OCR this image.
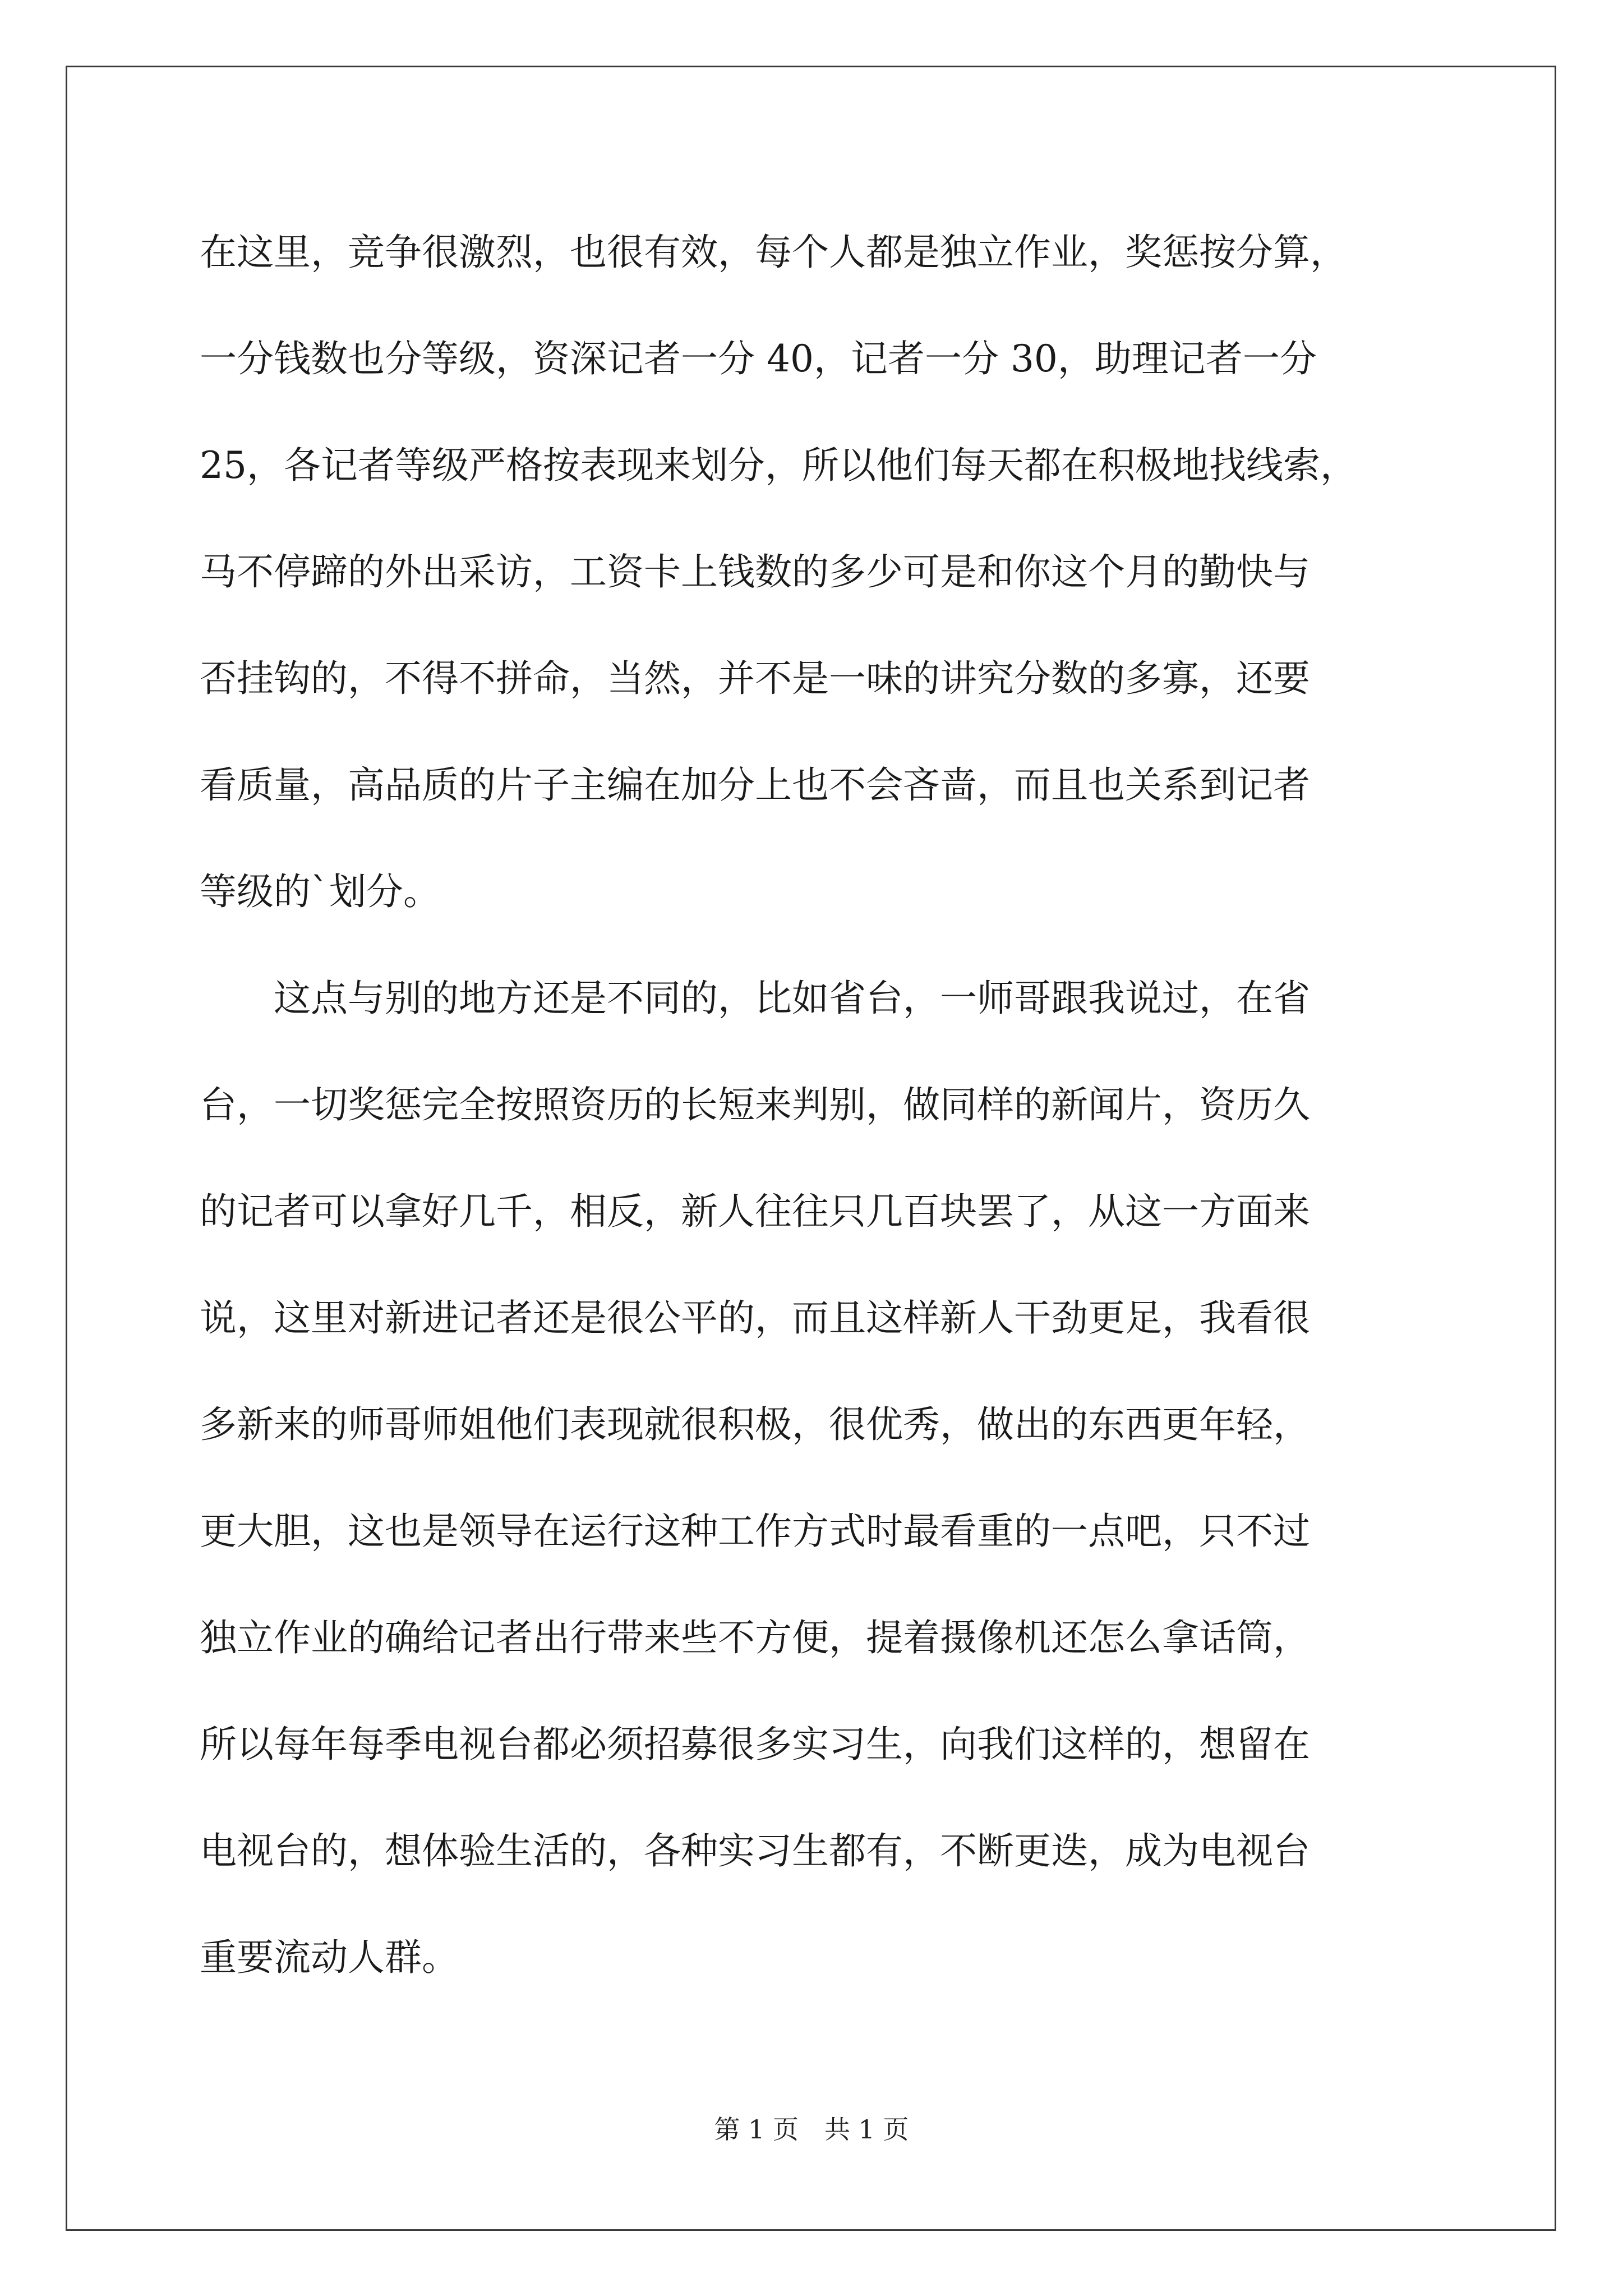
在这里，竞争很激烈，也很有效，每个人都是独立作业，奖惩按分算，
一分钱数也分等级，资深记者一分 40，记者一分 30，助理记者一分
25，各记者等级严格按表现来划分，所以他们每天都在积极地找线索，
马不停蹄的外出采访，工资卡上钱数的多少可是和你这个月的勤快与
否挂钩的，不得不拼命，当然，并不是一味的讲究分数的多寡，还要
看质量，高品质的片子主编在加分上也不会吝啬，而且也关系到记者
等级的`划分。
　　这点与别的地方还是不同的，比如省台，一师哥跟我说过，在省
台，一切奖惩完全按照资历的长短来判别，做同样的新闻片，资历久
的记者可以拿好几千，相反，新人往往只几百块罢了，从这一方面来
说，这里对新进记者还是很公平的，而且这样新人干劲更足，我看很
多新来的师哥师姐他们表现就很积极，很优秀，做出的东西更年轻，
更大胆，这也是领导在运行这种工作方式时最看重的一点吧，只不过
独立作业的确给记者出行带来些不方便，提着摄像机还怎么拿话筒，
所以每年每季电视台都必须招募很多实习生，向我们这样的，想留在
电视台的，想体验生活的，各种实习生都有，不断更迭，成为电视台
重要流动人群。
第 1 页　共 1 页
